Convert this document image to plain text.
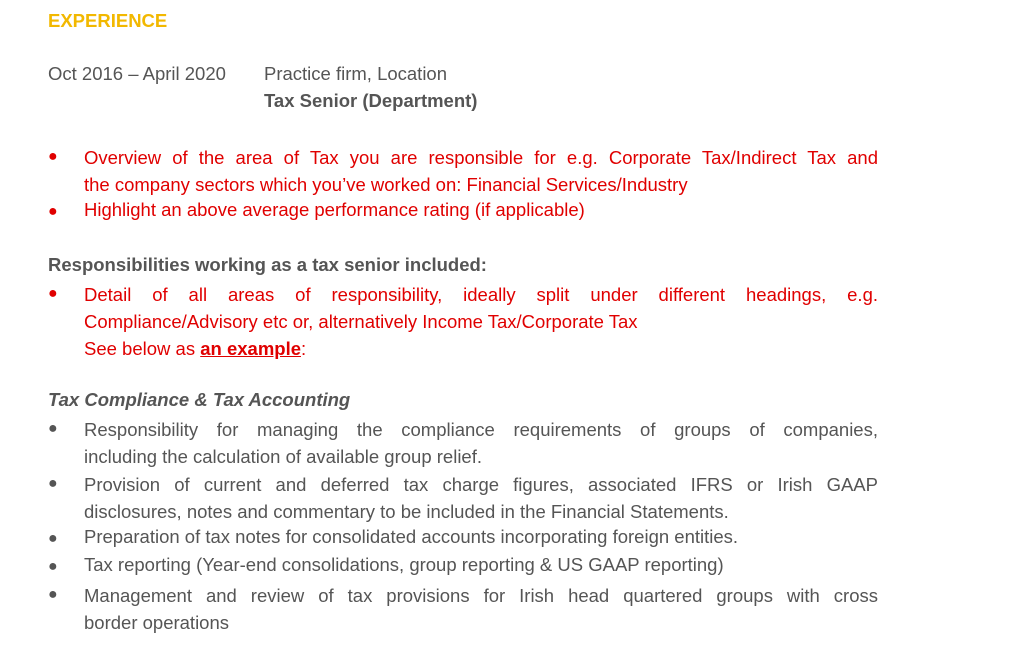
EXPERIENCE
Oct 2016 – April 2020 Practice firm, Location
Tax Senior (Department)
● Overview of the area of Tax you are responsible for e.g. Corporate Tax/Indirect Tax and
the company sectors which you’ve worked on: Financial Services/Industry
● Highlight an above average performance rating (if applicable)
Responsibilities working as a tax senior included:
● Detail of all areas of responsibility, ideally split under different headings, e.g.
Compliance/Advisory etc or, alternatively Income Tax/Corporate Tax
See below as an example:
Tax Compliance & Tax Accounting
● Responsibility for managing the compliance requirements of groups of companies,
including the calculation of available group relief.
● Provision of current and deferred tax charge figures, associated IFRS or Irish GAAP
disclosures, notes and commentary to be included in the Financial Statements.
● Preparation of tax notes for consolidated accounts incorporating foreign entities.
● Tax reporting (Year-end consolidations, group reporting & US GAAP reporting)
● Management and review of tax provisions for Irish head quartered groups with cross
border operations
